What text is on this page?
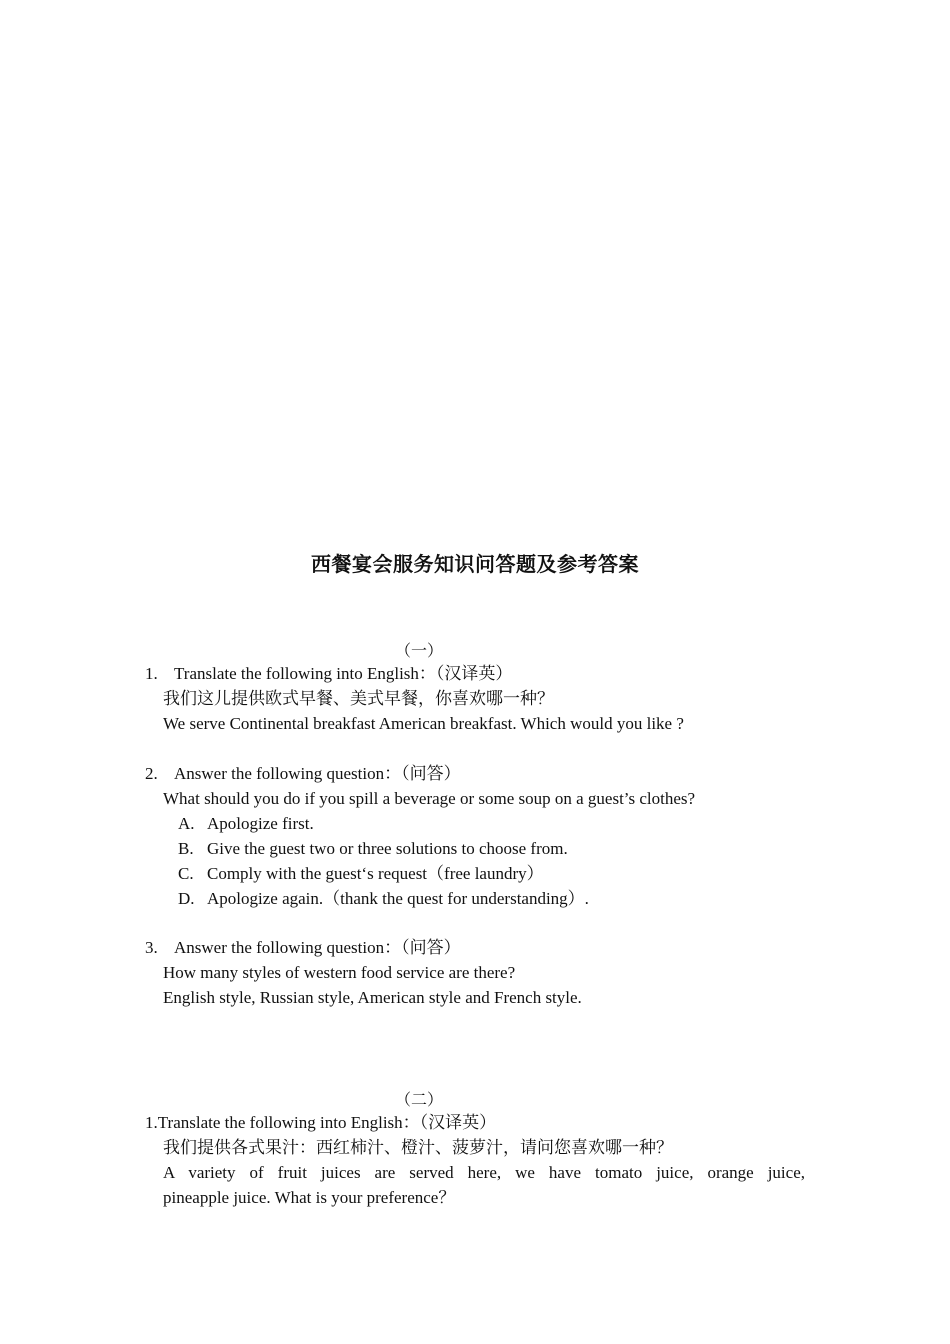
西餐宴会服务知识问答题及参考答案
（一）
1. Translate the following into English：（汉译英）
我们这儿提供欧式早餐、美式早餐，你喜欢哪一种？
We serve Continental breakfast American breakfast. Which would you like ?
2. Answer the following question：（问答）
What should you do if you spill a beverage or some soup on a guest’s clothes?
A. Apologize first.
B. Give the guest two or three solutions to choose from.
C. Comply with the guest‘s request（free laundry）
D. Apologize again.（thank the quest for understanding）.
3. Answer the following question：（问答）
How many styles of western food service are there?
English style, Russian style, American style and French style.
（二）
1.Translate the following into English：（汉译英）
我们提供各式果汁：西红柿汁、橙汁、菠萝汁，请问您喜欢哪一种？
A variety of fruit juices are served here, we have tomato juice, orange juice,
pineapple juice. What is your preference？
